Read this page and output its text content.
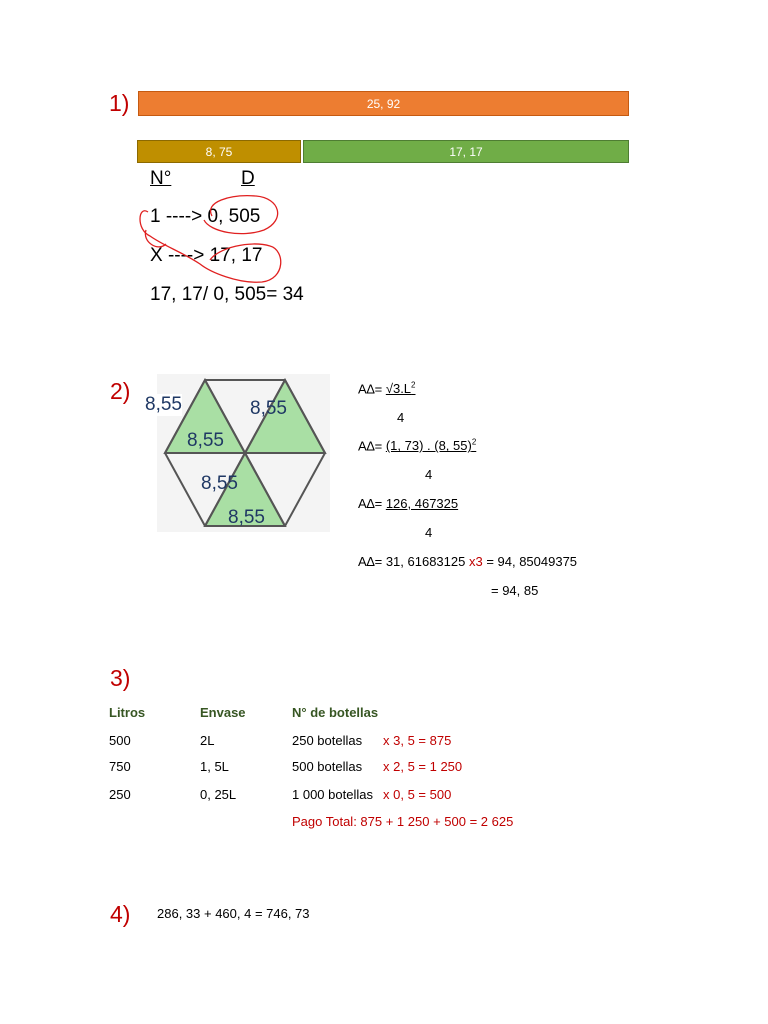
1)	25, 92
8, 75	17, 17
N°	D
1 ----> 0, 505
X ----> 17, 17
17, 17/ 0, 505= 34
2)
8,55	8,55
8,55
8,55
8,55
$A\Delta= √3.L^2$
4
A∆= (1, 73) . (8, 55)$^2$
4
A∆= 126, 467325
4
A∆= 31, 61683125 x3 = 94, 85049375
= 94, 85
3)
Litros	Envase	N° de botellas
500	2L	250 botellas x 3, 5 = 875
750	1, 5L	500 botellas x 2, 5 = 1 250
250	0, 25L	1 000 botellas x 0, 5 = 500
Pago Total: 875 + 1 250 + 500 = 2 625
4) 286, 33 + 460, 4 = 746, 73
